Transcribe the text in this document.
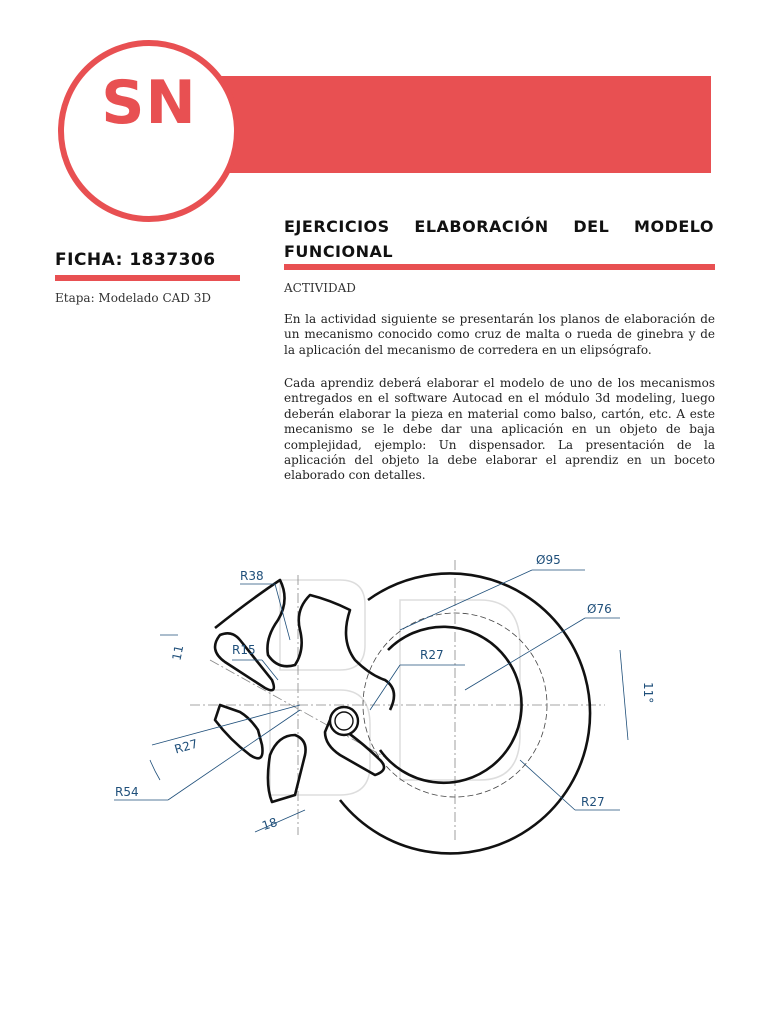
SN
FICHA: 1837306
Etapa: Modelado CAD 3D
EJERCICIOS ELABORACIÓN DEL MODELO FUNCIONAL
ACTIVIDAD

En la actividad siguiente se presentarán los planos de elaboración de un mecanismo conocido como cruz de malta o rueda de ginebra y de la aplicación del mecanismo de corredera en un elipsógrafo.

Cada aprendiz deberá elaborar el modelo de uno de los mecanismos entregados en el software Autocad en el módulo 3d modeling, luego deberán elaborar la pieza en material como balso, cartón, etc. A este mecanismo se le debe dar una aplicación en un objeto de baja complejidad, ejemplo: Un dispensador. La presentación de la aplicación del objeto la debe elaborar el aprendiz en un boceto elaborado con detalles.

R38
R15
11
R27
R54
18
Ø95
Ø76
R27
11°
R27
